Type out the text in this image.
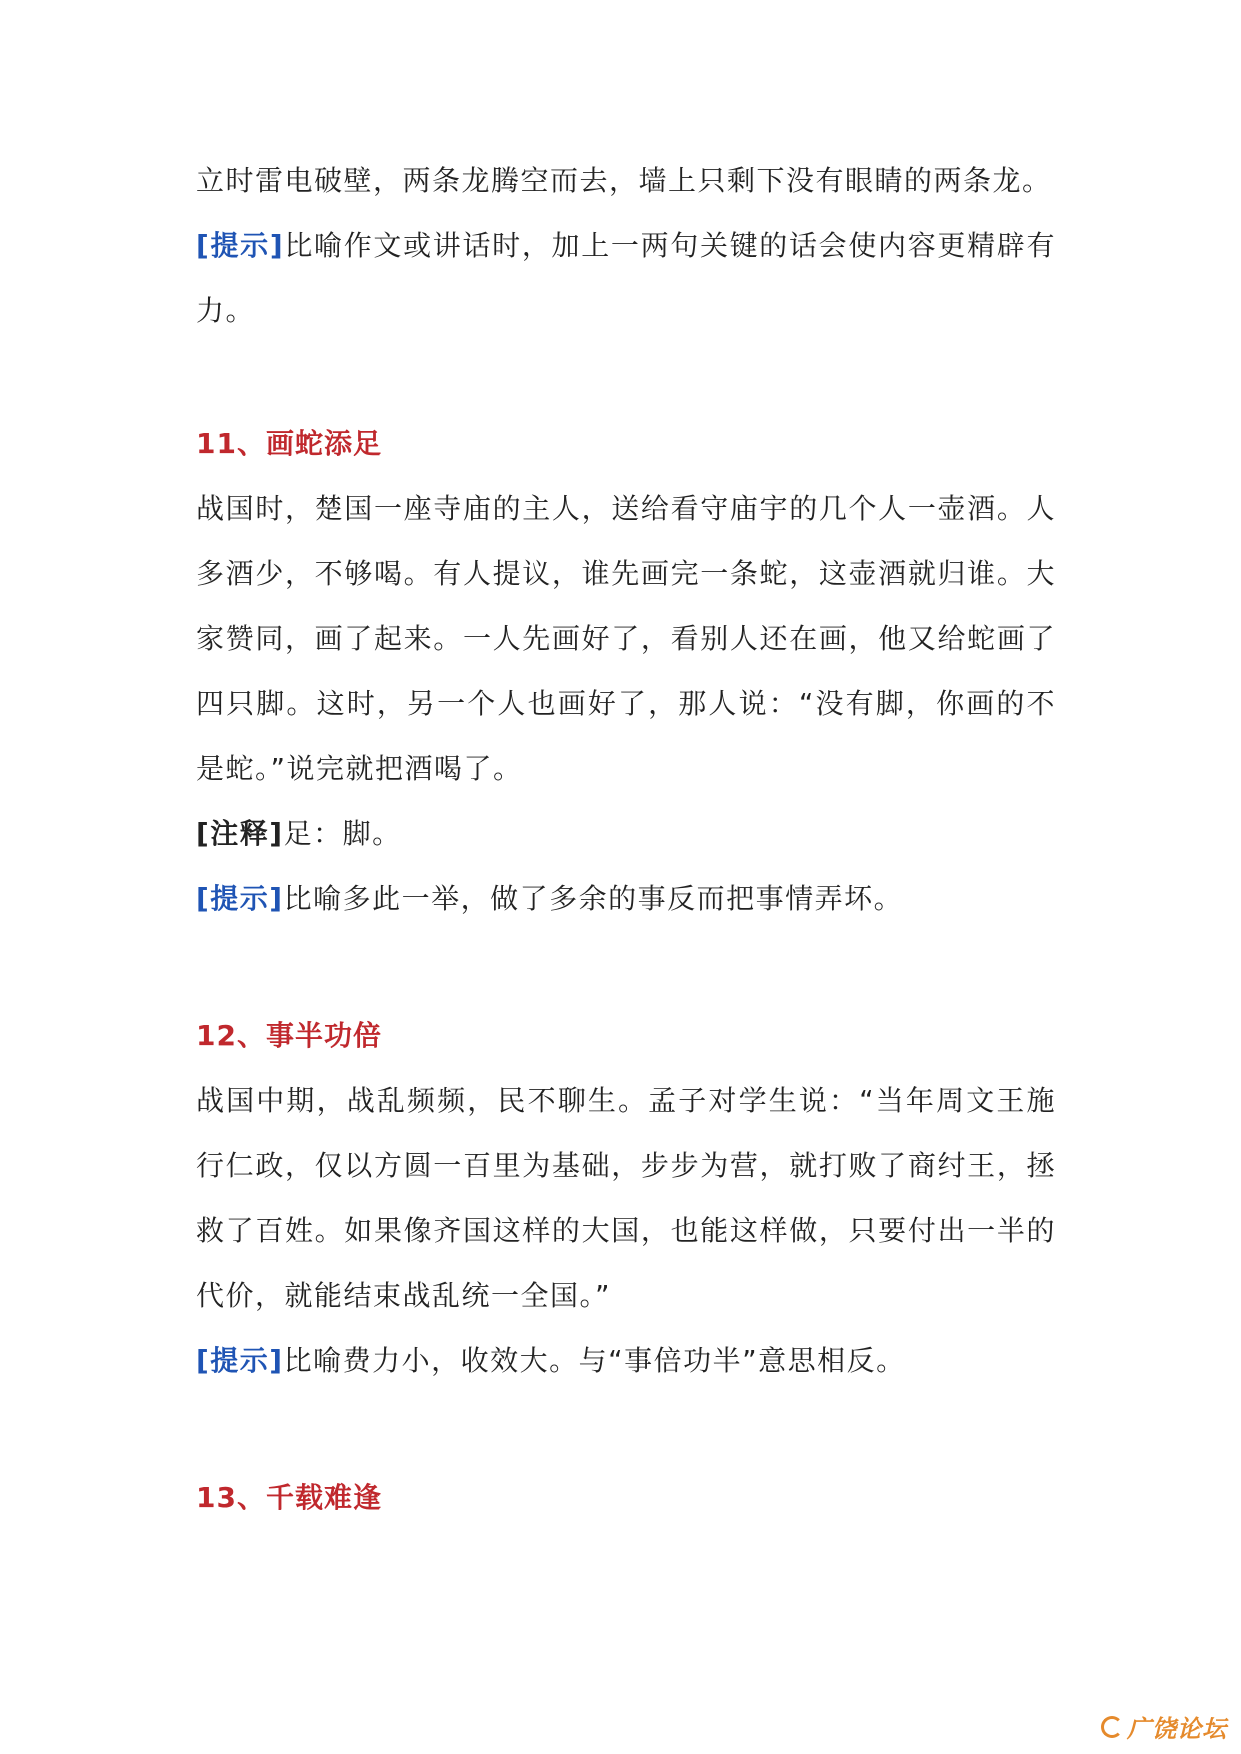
立时雷电破壁，两条龙腾空而去，墙上只剩下没有眼睛的两条龙。

[提示]比喻作文或讲话时，加上一两句关键的话会使内容更精辟有力。

11、画蛇添足

战国时，楚国一座寺庙的主人，送给看守庙宇的几个人一壶酒。人多酒少，不够喝。有人提议，谁先画完一条蛇，这壶酒就归谁。大家赞同，画了起来。一人先画好了，看别人还在画，他又给蛇画了四只脚。这时，另一个人也画好了，那人说：“没有脚，你画的不是蛇。”说完就把酒喝了。

[注释]足：脚。

[提示]比喻多此一举，做了多余的事反而把事情弄坏。

12、事半功倍

战国中期，战乱频频，民不聊生。孟子对学生说：“当年周文王施行仁政，仅以方圆一百里为基础，步步为营，就打败了商纣王，拯救了百姓。如果像齐国这样的大国，也能这样做，只要付出一半的代价，就能结束战乱统一全国。”

[提示]比喻费力小，收效大。与“事倍功半”意思相反。

13、千载难逢
广饶论坛
